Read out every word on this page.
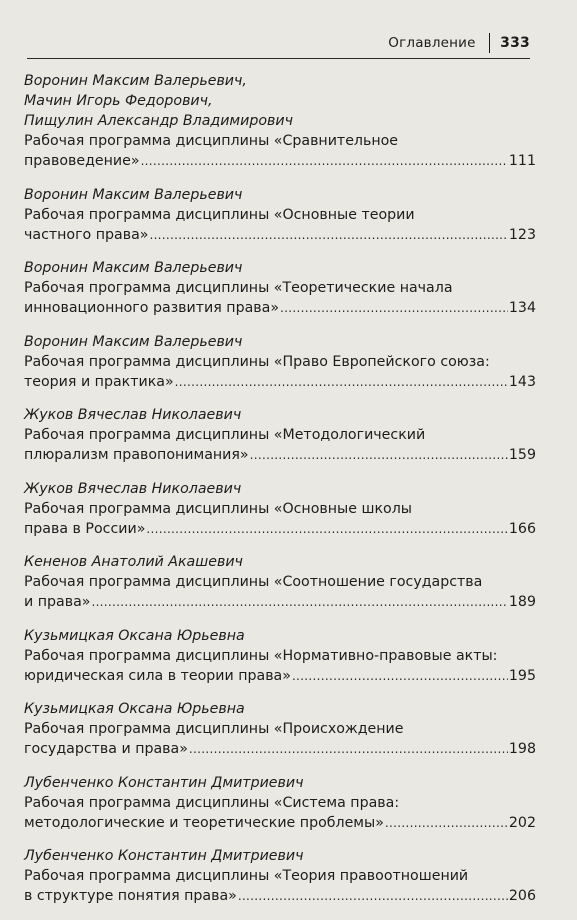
Оглавление 333
Воронин Максим Валерьевич,
Мачин Игорь Федорович,
Пищулин Александр Владимирович
Рабочая программа дисциплины «Сравнительное
правоведение» .....	111
Воронин Максим Валерьевич
Рабочая программа дисциплины «Основные теории
частного права» .....	123
Воронин Максим Валерьевич
Рабочая программа дисциплины «Теоретические начала
инновационного развития права» .....	134
Воронин Максим Валерьевич
Рабочая программа дисциплины «Право Европейского союза:
теория и практика» .....	143
Жуков Вячеслав Николаевич
Рабочая программа дисциплины «Методологический
плюрализм правопонимания» .....	159
Жуков Вячеслав Николаевич
Рабочая программа дисциплины «Основные школы
права в России» .....	166
Кененов Анатолий Акашевич
Рабочая программа дисциплины «Соотношение государства
и права» .....	189
Кузьмицкая Оксана Юрьевна
Рабочая программа дисциплины «Нормативно-правовые акты:
юридическая сила в теории права» .....	195
Кузьмицкая Оксана Юрьевна
Рабочая программа дисциплины «Происхождение
государства и права» .....	198
Лубенченко Константин Дмитриевич
Рабочая программа дисциплины «Система права:
методологические и теоретические проблемы» .....	202
Лубенченко Константин Дмитриевич
Рабочая программа дисциплины «Теория правоотношений
в структуре понятия права» .....	206
